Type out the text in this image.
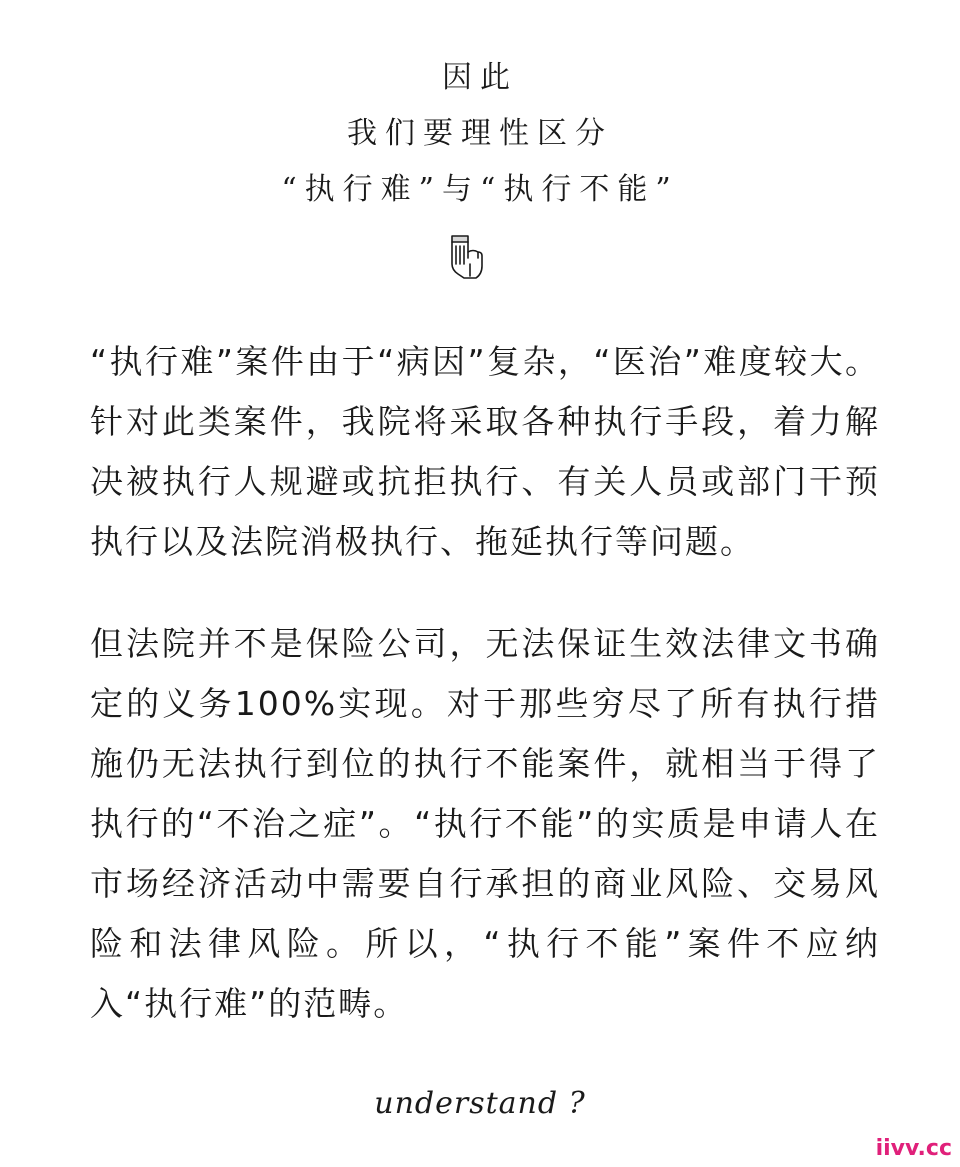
因此
我们要理性区分
“执行难”与“执行不能”

“执行难”案件由于“病因”复杂，“医治”难度较大。针对此类案件，我院将采取各种执行手段，着力解决被执行人规避或抗拒执行、有关人员或部门干预执行以及法院消极执行、拖延执行等问题。

但法院并不是保险公司，无法保证生效法律文书确定的义务100%实现。对于那些穷尽了所有执行措施仍无法执行到位的执行不能案件，就相当于得了执行的“不治之症”。“执行不能”的实质是申请人在市场经济活动中需要自行承担的商业风险、交易风险和法律风险。所以，“执行不能”案件不应纳入“执行难”的范畴。

understand ?
iivv.cc
